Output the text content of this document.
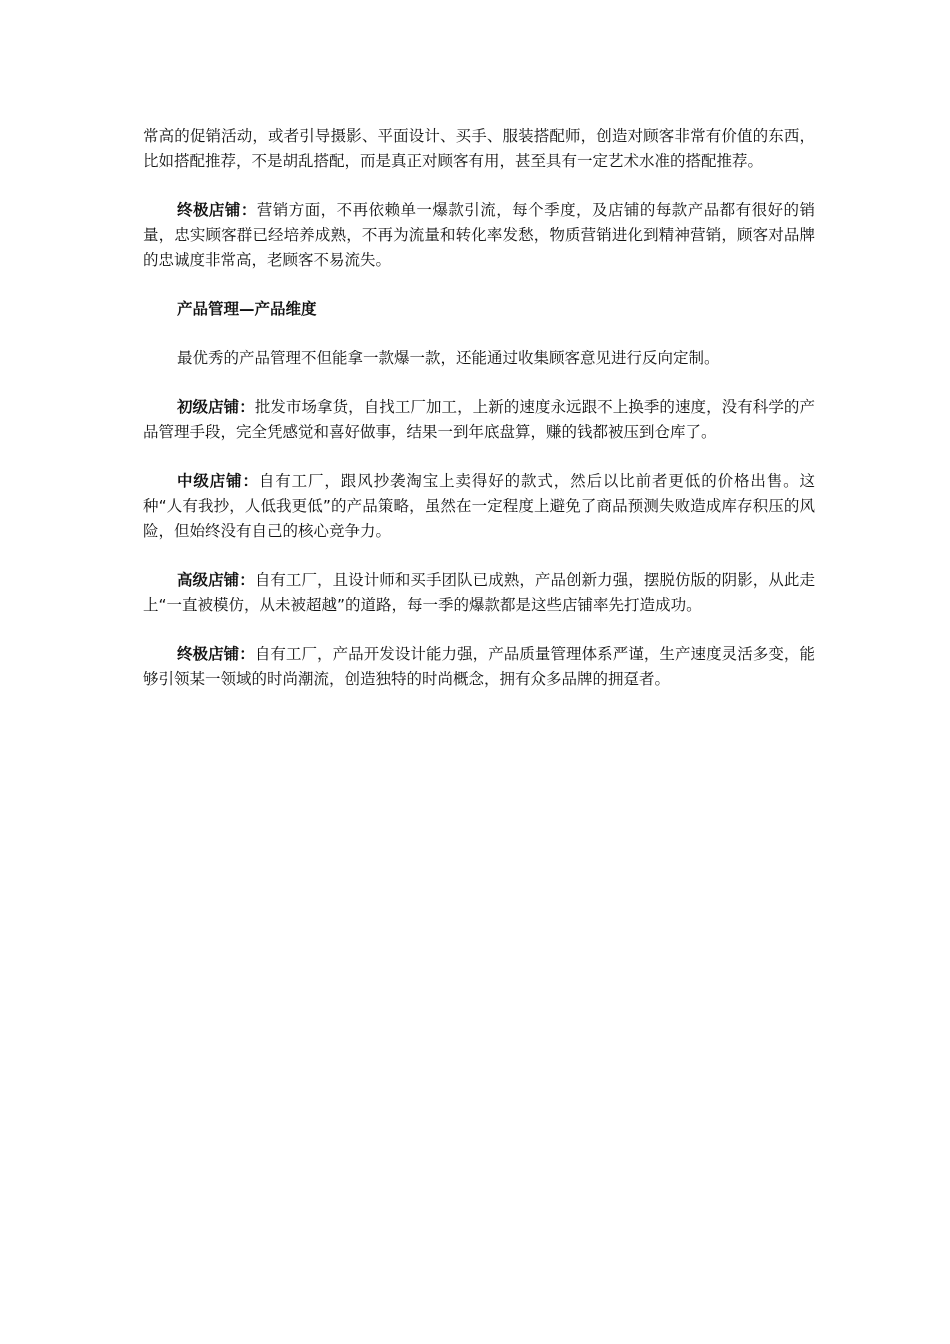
常高的促销活动，或者引导摄影、平面设计、买手、服装搭配师，创造对顾客非常有价值的东西，比如搭配推荐，不是胡乱搭配，而是真正对顾客有用，甚至具有一定艺术水准的搭配推荐。

终极店铺：营销方面，不再依赖单一爆款引流，每个季度，及店铺的每款产品都有很好的销量，忠实顾客群已经培养成熟，不再为流量和转化率发愁，物质营销进化到精神营销，顾客对品牌的忠诚度非常高，老顾客不易流失。

产品管理—产品维度

最优秀的产品管理不但能拿一款爆一款，还能通过收集顾客意见进行反向定制。

初级店铺：批发市场拿货，自找工厂加工，上新的速度永远跟不上换季的速度，没有科学的产品管理手段，完全凭感觉和喜好做事，结果一到年底盘算，赚的钱都被压到仓库了。

中级店铺：自有工厂，跟风抄袭淘宝上卖得好的款式，然后以比前者更低的价格出售。这种“人有我抄，人低我更低”的产品策略，虽然在一定程度上避免了商品预测失败造成库存积压的风险，但始终没有自己的核心竞争力。

高级店铺：自有工厂，且设计师和买手团队已成熟，产品创新力强，摆脱仿版的阴影，从此走上“一直被模仿，从未被超越”的道路，每一季的爆款都是这些店铺率先打造成功。

终极店铺：自有工厂，产品开发设计能力强，产品质量管理体系严谨，生产速度灵活多变，能够引领某一领域的时尚潮流，创造独特的时尚概念，拥有众多品牌的拥趸者。
